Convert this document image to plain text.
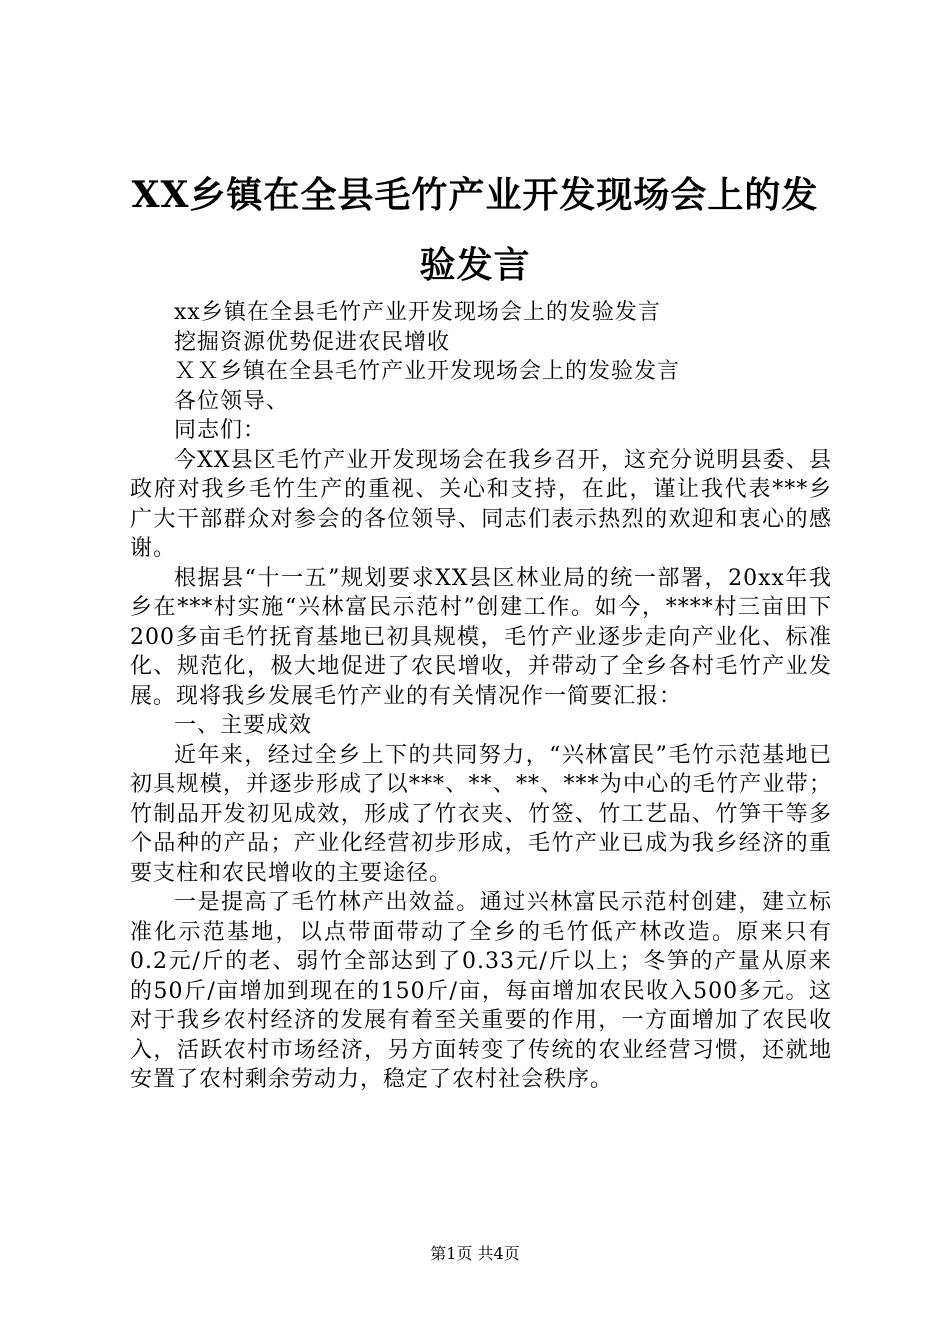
XX乡镇在全县毛竹产业开发现场会上的发验发言

xx乡镇在全县毛竹产业开发现场会上的发验发言

挖掘资源优势促进农民增收

ＸＸ乡镇在全县毛竹产业开发现场会上的发验发言

各位领导、

同志们：

今XX县区毛竹产业开发现场会在我乡召开，这充分说明县委、县政府对我乡毛竹生产的重视、关心和支持，在此，谨让我代表***乡广大干部群众对参会的各位领导、同志们表示热烈的欢迎和衷心的感谢。

根据县“十一五”规划要求XX县区林业局的统一部署，20xx年我乡在***村实施“兴林富民示范村”创建工作。如今，****村三亩田下200多亩毛竹抚育基地已初具规模，毛竹产业逐步走向产业化、标准化、规范化，极大地促进了农民增收，并带动了全乡各村毛竹产业发展。现将我乡发展毛竹产业的有关情况作一简要汇报：

一、主要成效

近年来，经过全乡上下的共同努力，“兴林富民”毛竹示范基地已初具规模，并逐步形成了以***、**、**、***为中心的毛竹产业带；竹制品开发初见成效，形成了竹衣夹、竹签、竹工艺品、竹笋干等多个品种的产品；产业化经营初步形成，毛竹产业已成为我乡经济的重要支柱和农民增收的主要途径。

一是提高了毛竹林产出效益。通过兴林富民示范村创建，建立标准化示范基地，以点带面带动了全乡的毛竹低产林改造。原来只有0.2元/斤的老、弱竹全部达到了0.33元/斤以上；冬笋的产量从原来的50斤/亩增加到现在的150斤/亩，每亩增加农民收入500多元。这对于我乡农村经济的发展有着至关重要的作用，一方面增加了农民收入，活跃农村市场经济，另方面转变了传统的农业经营习惯，还就地安置了农村剩余劳动力，稳定了农村社会秩序。

第1页 共4页
